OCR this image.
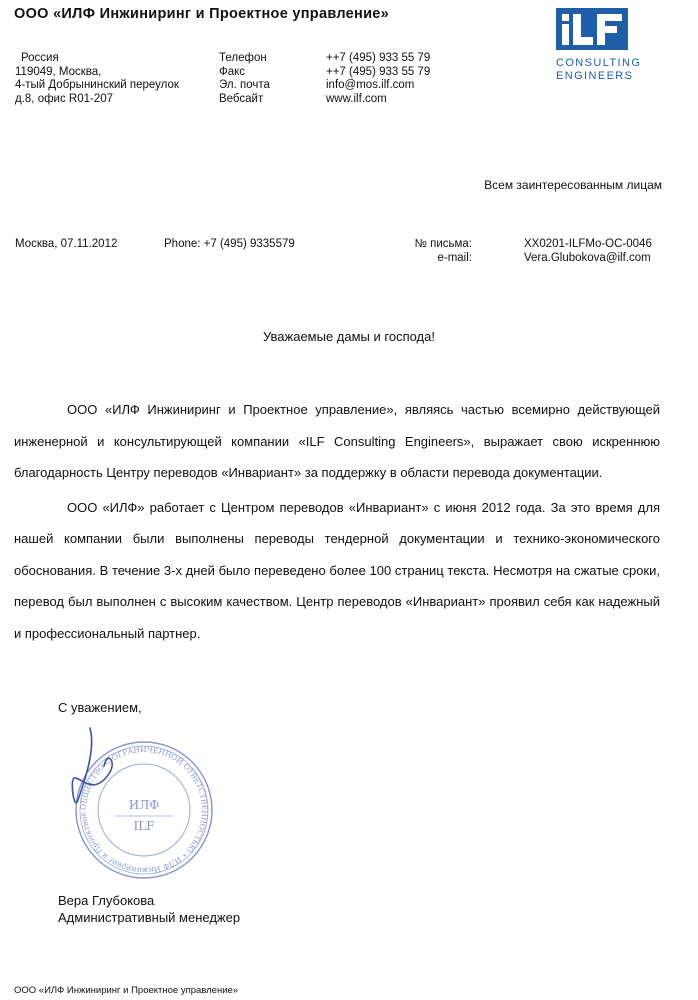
ООО «ИЛФ Инжиниринг и Проектное управление»
Россия
119049, Москва,
4-тый Добрынинский переулок
д.8, офис R01-207
Телефон
Факс
Эл. почта
Вебсайт
++7 (495) 933 55 79
++7 (495) 933 55 79
info@mos.ilf.com
www.ilf.com
CONSULTING
ENGINEERS
Всем заинтересованным лицам
Москва, 07.11.2012	Phone: +7 (495) 9335579	№ письма:
e-mail:
XX0201-ILFMo-OC-0046
Vera.Glubokova@ilf.com
Уважаемые дамы и господа!

ООО «ИЛФ Инжиниринг и Проектное управление», являясь частью всемирно действующей инженерной и консультирующей компании «ILF Consulting Engineers», выражает свою искреннюю благодарность Центру переводов «Инвариант» за поддержку в области перевода документации.

ООО «ИЛФ» работает с Центром переводов «Инвариант» с июня 2012 года. За это время для нашей компании были выполнены переводы тендерной документации и технико-экономического обоснования. В течение 3-х дней было переведено более 100 страниц текста. Несмотря на сжатые сроки, перевод был выполнен с высоким качеством. Центр переводов «Инвариант» проявил себя как надежный и профессиональный партнер.

С уважением,
ОБЩЕСТВО С ОГРАНИЧЕННОЙ ОТВЕТСТВЕННОСТЬЮ • ИЛФ Инжиниринг и Проектное
ИЛФ
ILF
Вера Глубокова
Административный менеджер
ООО «ИЛФ Инжиниринг и Проектное управление»
